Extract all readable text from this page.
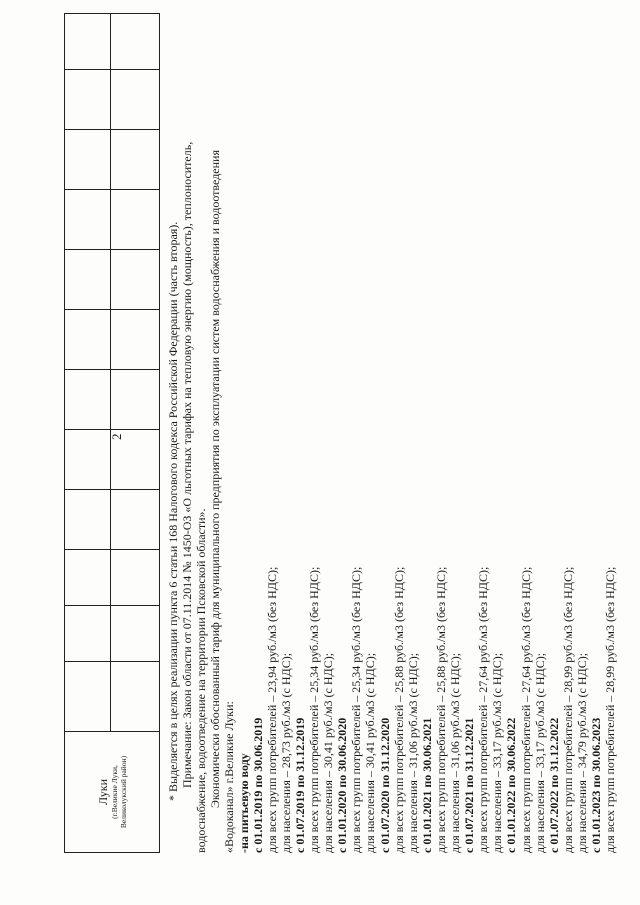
Луки (г.Великие Луки, Великолукский район)
2	* Выделяется в целях реализации пункта 6 статьи 168 Налогового кодекса Российской Федерации (часть вторая). Примечание: Закон области от 07.11.2014 № 1450-ОЗ «О льготных тарифах на тепловую энергию (мощность), теплоноситель, водоснабжение, водоотведение на территории Псковской области». Экономически обоснованный тариф для муниципального предприятия по эксплуатации систем водоснабжения и водоотведения «Водоканал» г.Великие Луки: -на питьевую воду с 01.01.2019 по 30.06.2019 для всех групп потребителей – 23,94 руб./м3 (без НДС); для населения – 28,73 руб./м3 (с НДС); с 01.07.2019 по 31.12.2019 для всех групп потребителей – 25,34 руб./м3 (без НДС); для населения – 30,41 руб./м3 (с НДС); с 01.01.2020 по 30.06.2020 для всех групп потребителей – 25,34 руб./м3 (без НДС); для населения – 30,41 руб./м3 (с НДС); с 01.07.2020 по 31.12.2020 для всех групп потребителей – 25,88 руб./м3 (без НДС); для населения – 31,06 руб./м3 (с НДС); с 01.01.2021 по 30.06.2021 для всех групп потребителей – 25,88 руб./м3 (без НДС); для населения – 31,06 руб./м3 (с НДС); с 01.07.2021 по 31.12.2021 для всех групп потребителей – 27,64 руб./м3 (без НДС); для населения – 33,17 руб./м3 (с НДС); с 01.01.2022 по 30.06.2022 для всех групп потребителей – 27,64 руб./м3 (без НДС); для населения – 33,17 руб./м3 (с НДС); с 01.07.2022 по 31.12.2022 для всех групп потребителей – 28,99 руб./м3 (без НДС); для населения – 34,79 руб./м3 (с НДС); с 01.01.2023 по 30.06.2023 для всех групп потребителей – 28,99 руб./м3 (без НДС);
